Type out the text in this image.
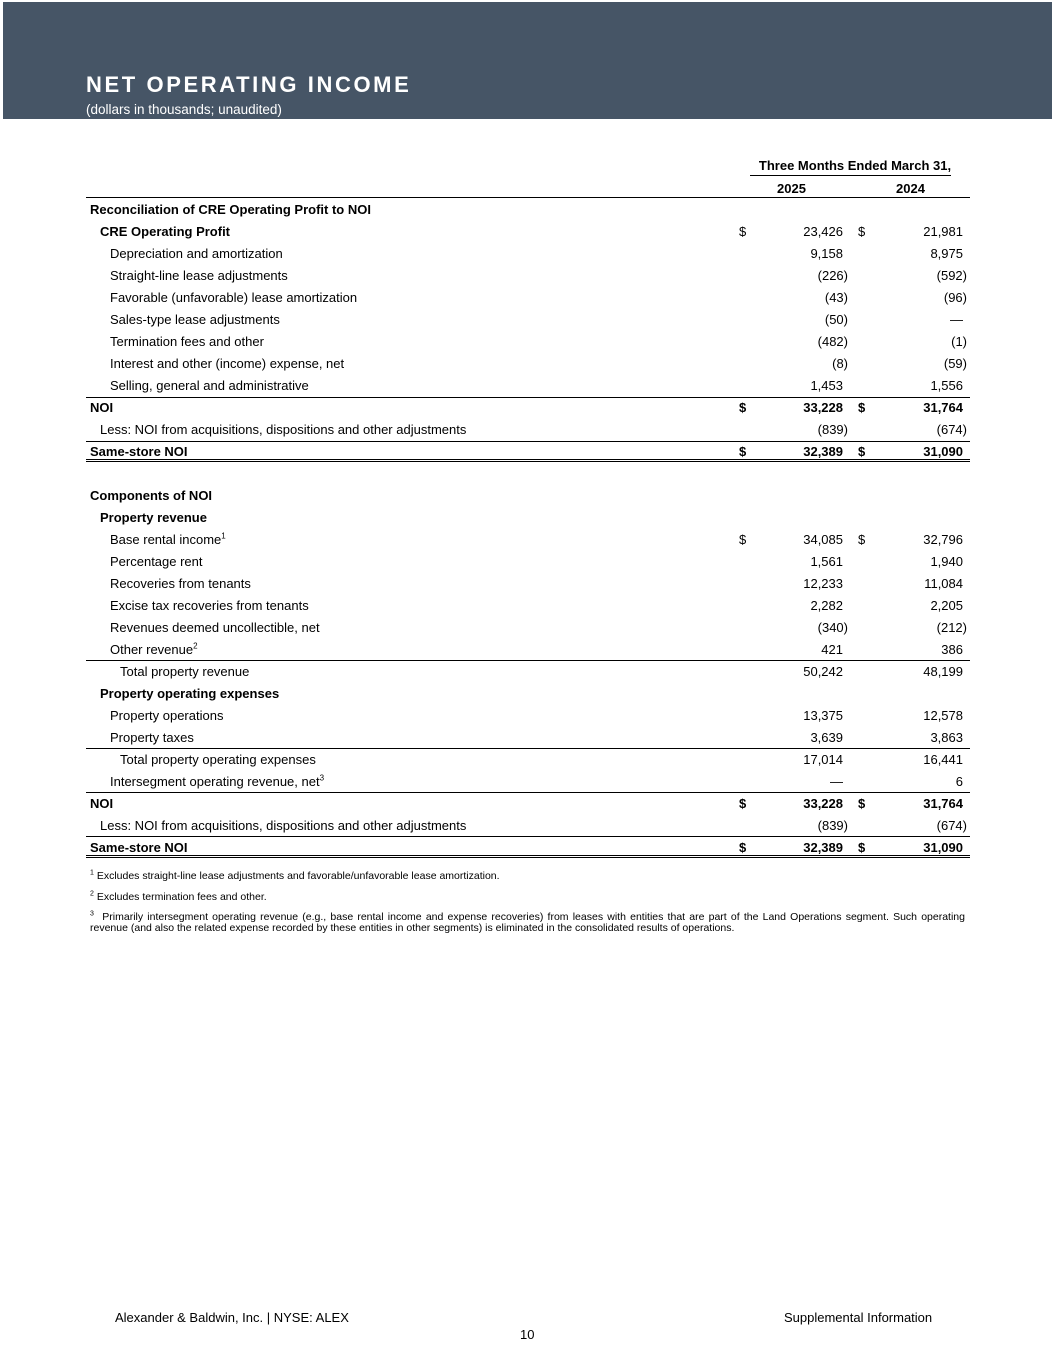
NET OPERATING INCOME
(dollars in thousands; unaudited)
Three Months Ended March 31,
2025	2024
Reconciliation of CRE Operating Profit to NOI
CRE Operating Profit	$	23,426 $	21,981
Depreciation and amortization	9,158	8,975
Straight-line lease adjustments	(226)	(592)
Favorable (unfavorable) lease amortization	(43)	(96)
Sales-type lease adjustments	(50)	—
Termination fees and other	(482)	(1)
Interest and other (income) expense, net	(8)	(59)
Selling, general and administrative	1,453	1,556
NOI	$	33,228 $	31,764
Less: NOI from acquisitions, dispositions and other adjustments	(839)	(674)
Same-store NOI	$	32,389 $	31,090
Components of NOI
Property revenue
Base rental income$^1$	$	34,085 $	32,796
Percentage rent	1,561	1,940
Recoveries from tenants	12,233	11,084
Excise tax recoveries from tenants	2,282	2,205
Revenues deemed uncollectible, net	(340)	(212)
Other revenue$^2$	421	386
Total property revenue	50,242	48,199
Property operating expenses
Property operations	13,375	12,578
Property taxes	3,639	3,863
Total property operating expenses	17,014	16,441
Intersegment operating revenue, net$^3$	—	6
NOI	$	33,228 $	31,764
Less: NOI from acquisitions, dispositions and other adjustments	(839)	(674)
Same-store NOI	$	32,389 $	31,090
$^1$ Excludes straight-line lease adjustments and favorable/unfavorable lease amortization.
$^2$ Excludes termination fees and other.
$^3$ Primarily intersegment operating revenue (e.g., base rental income and expense recoveries) from leases with entities that are part of the Land Operations segment. Such operating revenue (and also the related expense recorded by these entities in other segments) is eliminated in the consolidated results of operations.
Alexander & Baldwin, Inc. | NYSE: ALEX	Supplemental Information
10
